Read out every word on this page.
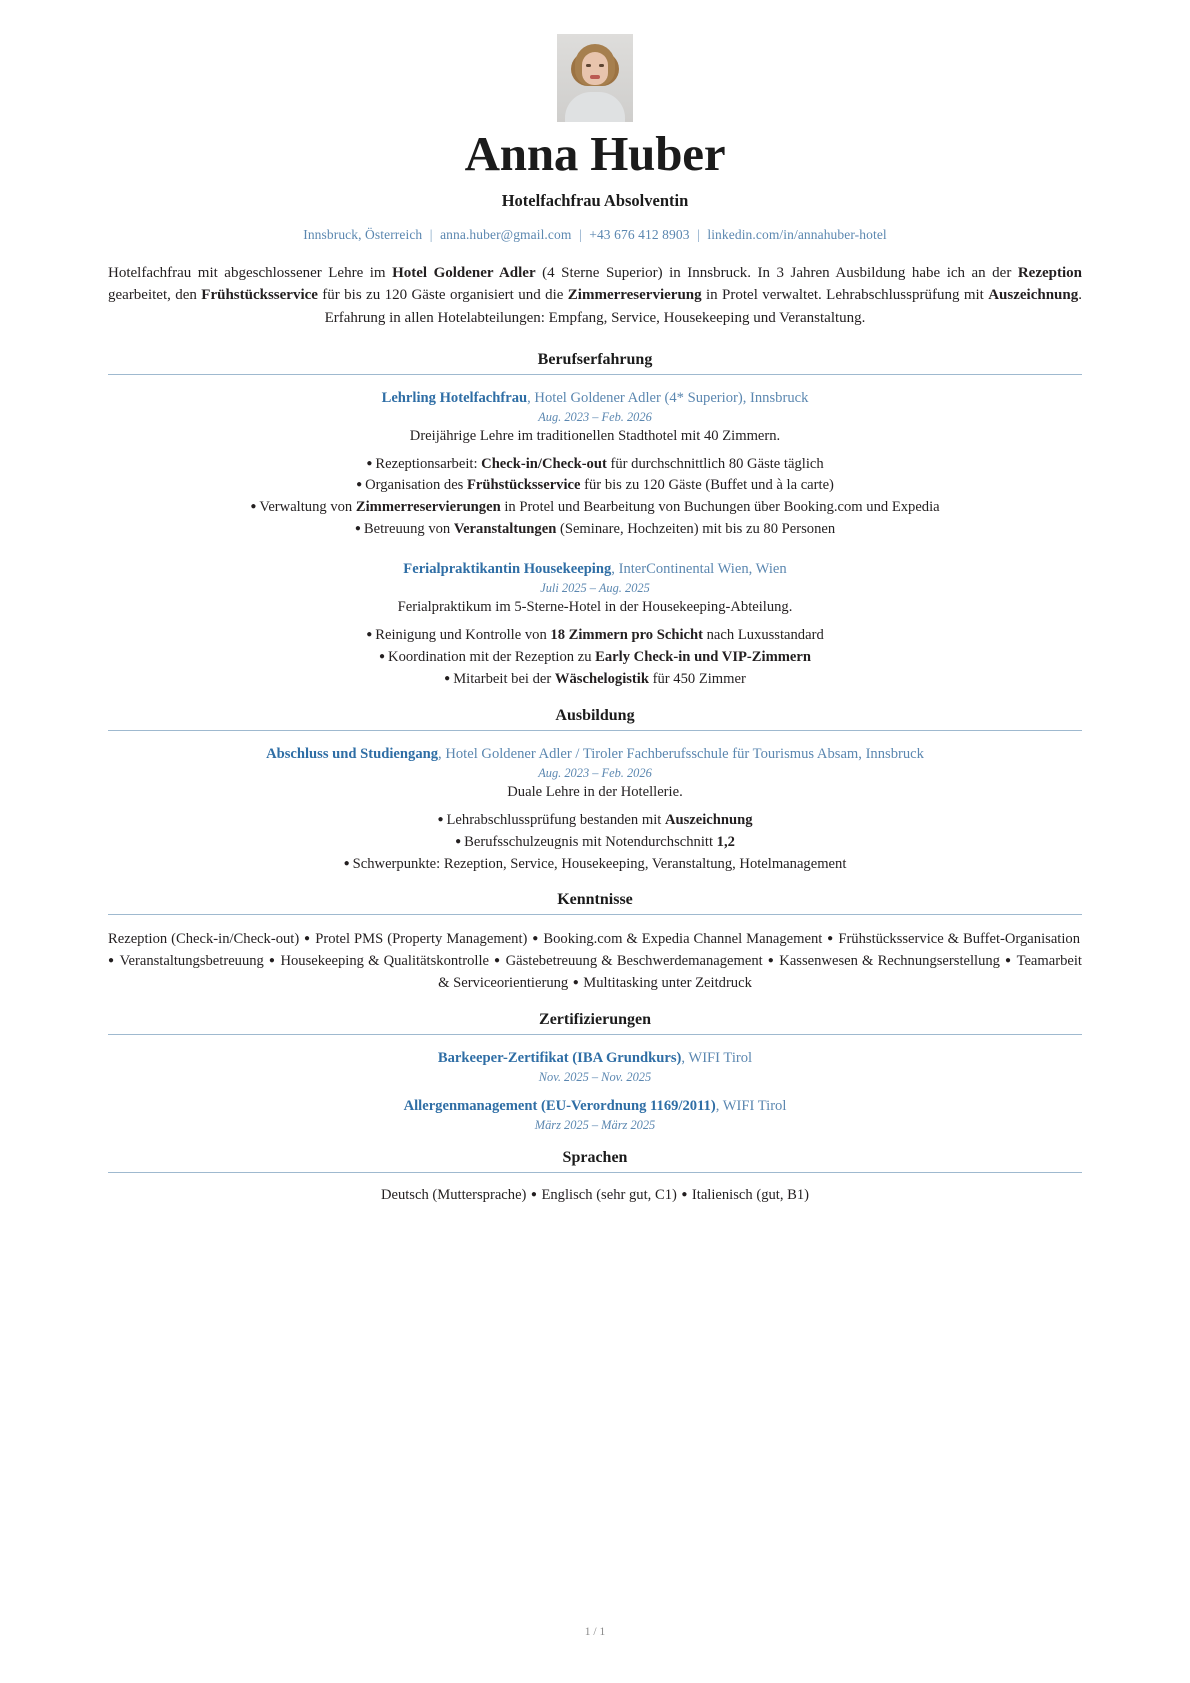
Anna Huber
Hotelfachfrau Absolventin
Innsbruck, Österreich | anna.huber@gmail.com | +43 676 412 8903 | linkedin.com/in/annahuber-hotel
Hotelfachfrau mit abgeschlossener Lehre im Hotel Goldener Adler (4 Sterne Superior) in Innsbruck. In 3 Jahren Ausbildung habe ich an der Rezeption gearbeitet, den Frühstücksservice für bis zu 120 Gäste organisiert und die Zimmerreservierung in Protel verwaltet. Lehrabschlussprüfung mit Auszeichnung. Erfahrung in allen Hotelabteilungen: Empfang, Service, Housekeeping und Veranstaltung.
Berufserfahrung
Lehrling Hotelfachfrau, Hotel Goldener Adler (4* Superior), Innsbruck
Aug. 2023 – Feb. 2026
Dreijährige Lehre im traditionellen Stadthotel mit 40 Zimmern.
● Rezeptionsarbeit: Check-in/Check-out für durchschnittlich 80 Gäste täglich
● Organisation des Frühstücksservice für bis zu 120 Gäste (Buffet und à la carte)
● Verwaltung von Zimmerreservierungen in Protel und Bearbeitung von Buchungen über Booking.com und Expedia
● Betreuung von Veranstaltungen (Seminare, Hochzeiten) mit bis zu 80 Personen
Ferialpraktikantin Housekeeping, InterContinental Wien, Wien
Juli 2025 – Aug. 2025
Ferialpraktikum im 5-Sterne-Hotel in der Housekeeping-Abteilung.
● Reinigung und Kontrolle von 18 Zimmern pro Schicht nach Luxusstandard
● Koordination mit der Rezeption zu Early Check-in und VIP-Zimmern
● Mitarbeit bei der Wäschelogistik für 450 Zimmer
Ausbildung
Abschluss und Studiengang, Hotel Goldener Adler / Tiroler Fachberufsschule für Tourismus Absam, Innsbruck
Aug. 2023 – Feb. 2026
Duale Lehre in der Hotellerie.
● Lehrabschlussprüfung bestanden mit Auszeichnung
● Berufsschulzeugnis mit Notendurchschnitt 1,2
● Schwerpunkte: Rezeption, Service, Housekeeping, Veranstaltung, Hotelmanagement
Kenntnisse
Rezeption (Check-in/Check-out) ● Protel PMS (Property Management) ● Booking.com & Expedia Channel Management ● Frühstücksservice & Buffet-Organisation ● Veranstaltungsbetreuung ● Housekeeping & Qualitätskontrolle ● Gästebetreuung & Beschwerdemanagement ● Kassenwesen & Rechnungserstellung ● Teamarbeit & Serviceorientierung ● Multitasking unter Zeitdruck
Zertifizierungen
Barkeeper-Zertifikat (IBA Grundkurs), WIFI Tirol
Nov. 2025 – Nov. 2025
Allergenmanagement (EU-Verordnung 1169/2011), WIFI Tirol
März 2025 – März 2025
Sprachen
Deutsch (Muttersprache) ● Englisch (sehr gut, C1) ● Italienisch (gut, B1)
1 / 1
